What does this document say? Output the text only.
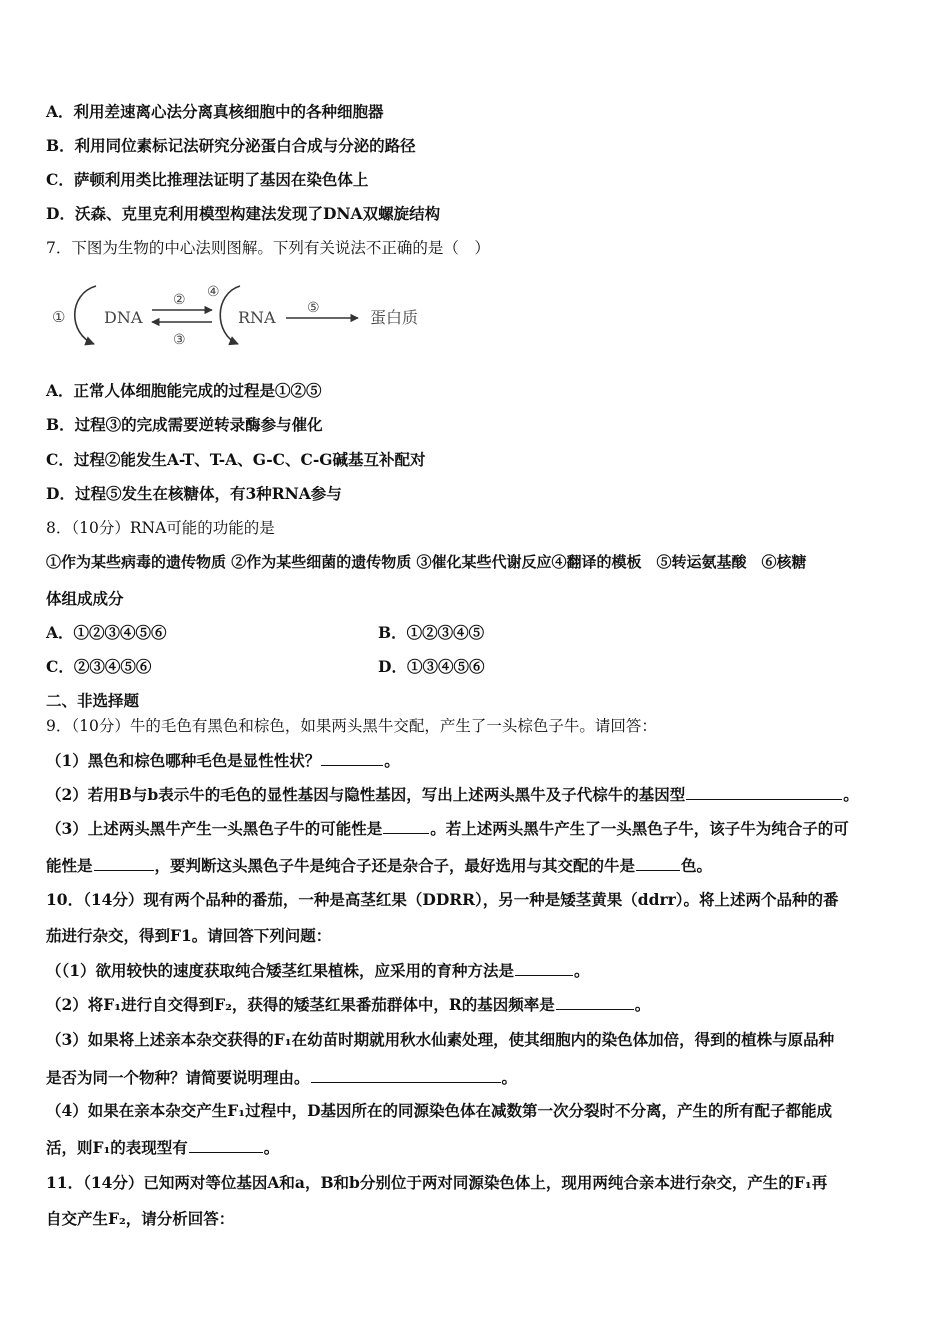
A．利用差速离心法分离真核细胞中的各种细胞器
B．利用同位素标记法研究分泌蛋白合成与分泌的路径
C．萨顿利用类比推理法证明了基因在染色体上
D．沃森、克里克利用模型构建法发现了DNA双螺旋结构
7．下图为生物的中心法则图解。下列有关说法不正确的是（　）
① DNA
②
③
④
RNA ⑤	蛋白质
A．正常人体细胞能完成的过程是①②⑤
B．过程③的完成需要逆转录酶参与催化
C．过程②能发生A-T、T-A、G-C、C-G碱基互补配对
D．过程⑤发生在核糖体，有3种RNA参与
8．（10分）RNA可能的功能的是
①作为某些病毒的遗传物质 ②作为某些细菌的遗传物质 ③催化某些代谢反应④翻译的模板　⑤转运氨基酸　⑥核糖
体组成成分
A．①②③④⑤⑥	B．①②③④⑤
C．②③④⑤⑥	D．①③④⑤⑥
二、非选择题
9．（10分）牛的毛色有黑色和棕色，如果两头黑牛交配，产生了一头棕色子牛。请回答：
（1）黑色和棕色哪种毛色是显性性状？	。
（2）若用B与b表示牛的毛色的显性基因与隐性基因，写出上述两头黑牛及子代棕牛的基因型	。
（3）上述两头黑牛产生一头黑色子牛的可能性是	。若上述两头黑牛产生了一头黑色子牛，该子牛为纯合子的可
能性是	，要判断这头黑色子牛是纯合子还是杂合子，最好选用与其交配的牛是	色。
10．（14分）现有两个品种的番茄，一种是高茎红果（DDRR），另一种是矮茎黄果（ddrr）。将上述两个品种的番
茄进行杂交，得到F1。请回答下列问题：
（（1）欲用较快的速度获取纯合矮茎红果植株，应采用的育种方法是	。
（2）将F₁进行自交得到F₂，获得的矮茎红果番茄群体中，R的基因频率是	。
（3）如果将上述亲本杂交获得的F₁在幼苗时期就用秋水仙素处理，使其细胞内的染色体加倍，得到的植株与原品种
是否为同一个物种？请简要说明理由。	。
（4）如果在亲本杂交产生F₁过程中，D基因所在的同源染色体在减数第一次分裂时不分离，产生的所有配子都能成
活，则F₁的表现型有	。
11．（14分）已知两对等位基因A和a，B和b分别位于两对同源染色体上，现用两纯合亲本进行杂交，产生的F₁再
自交产生F₂，请分析回答：
